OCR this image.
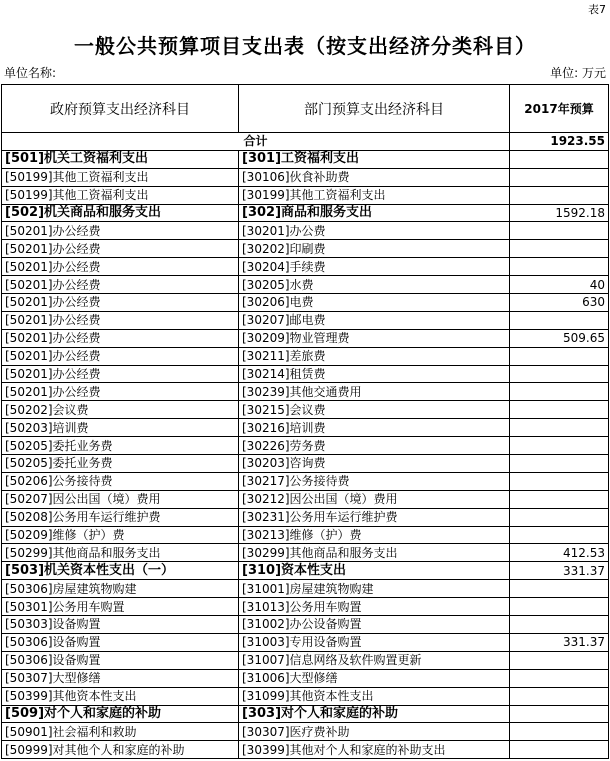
表7
一般公共预算项目支出表（按支出经济分类科目）
单位名称:	单位: 万元
政府预算支出经济科目	部门预算支出经济科目	2017年预算
合计		1923.55
[501]机关工资福利支出	[301]工资福利支出	
[50199]其他工资福利支出	[30106]伙食补助费	
[50199]其他工资福利支出	[30199]其他工资福利支出	
[502]机关商品和服务支出	[302]商品和服务支出	1592.18
[50201]办公经费	[30201]办公费	
[50201]办公经费	[30202]印刷费	
[50201]办公经费	[30204]手续费	
[50201]办公经费	[30205]水费	40
[50201]办公经费	[30206]电费	630
[50201]办公经费	[30207]邮电费	
[50201]办公经费	[30209]物业管理费	509.65
[50201]办公经费	[30211]差旅费	
[50201]办公经费	[30214]租赁费	
[50201]办公经费	[30239]其他交通费用	
[50202]会议费	[30215]会议费	
[50203]培训费	[30216]培训费	
[50205]委托业务费	[30226]劳务费	
[50205]委托业务费	[30203]咨询费	
[50206]公务接待费	[30217]公务接待费	
[50207]因公出国（境）费用	[30212]因公出国（境）费用	
[50208]公务用车运行维护费	[30231]公务用车运行维护费	
[50209]维修（护）费	[30213]维修（护）费	
[50299]其他商品和服务支出	[30299]其他商品和服务支出	412.53
[503]机关资本性支出（一）	[310]资本性支出	331.37
[50306]房屋建筑物购建	[31001]房屋建筑物购建	
[50301]公务用车购置	[31013]公务用车购置	
[50303]设备购置	[31002]办公设备购置	
[50306]设备购置	[31003]专用设备购置	331.37
[50306]设备购置	[31007]信息网络及软件购置更新	
[50307]大型修缮	[31006]大型修缮	
[50399]其他资本性支出	[31099]其他资本性支出	
[509]对个人和家庭的补助	[303]对个人和家庭的补助	
[50901]社会福利和救助	[30307]医疗费补助	
[50999]对其他个人和家庭的补助	[30399]其他对个人和家庭的补助支出	
